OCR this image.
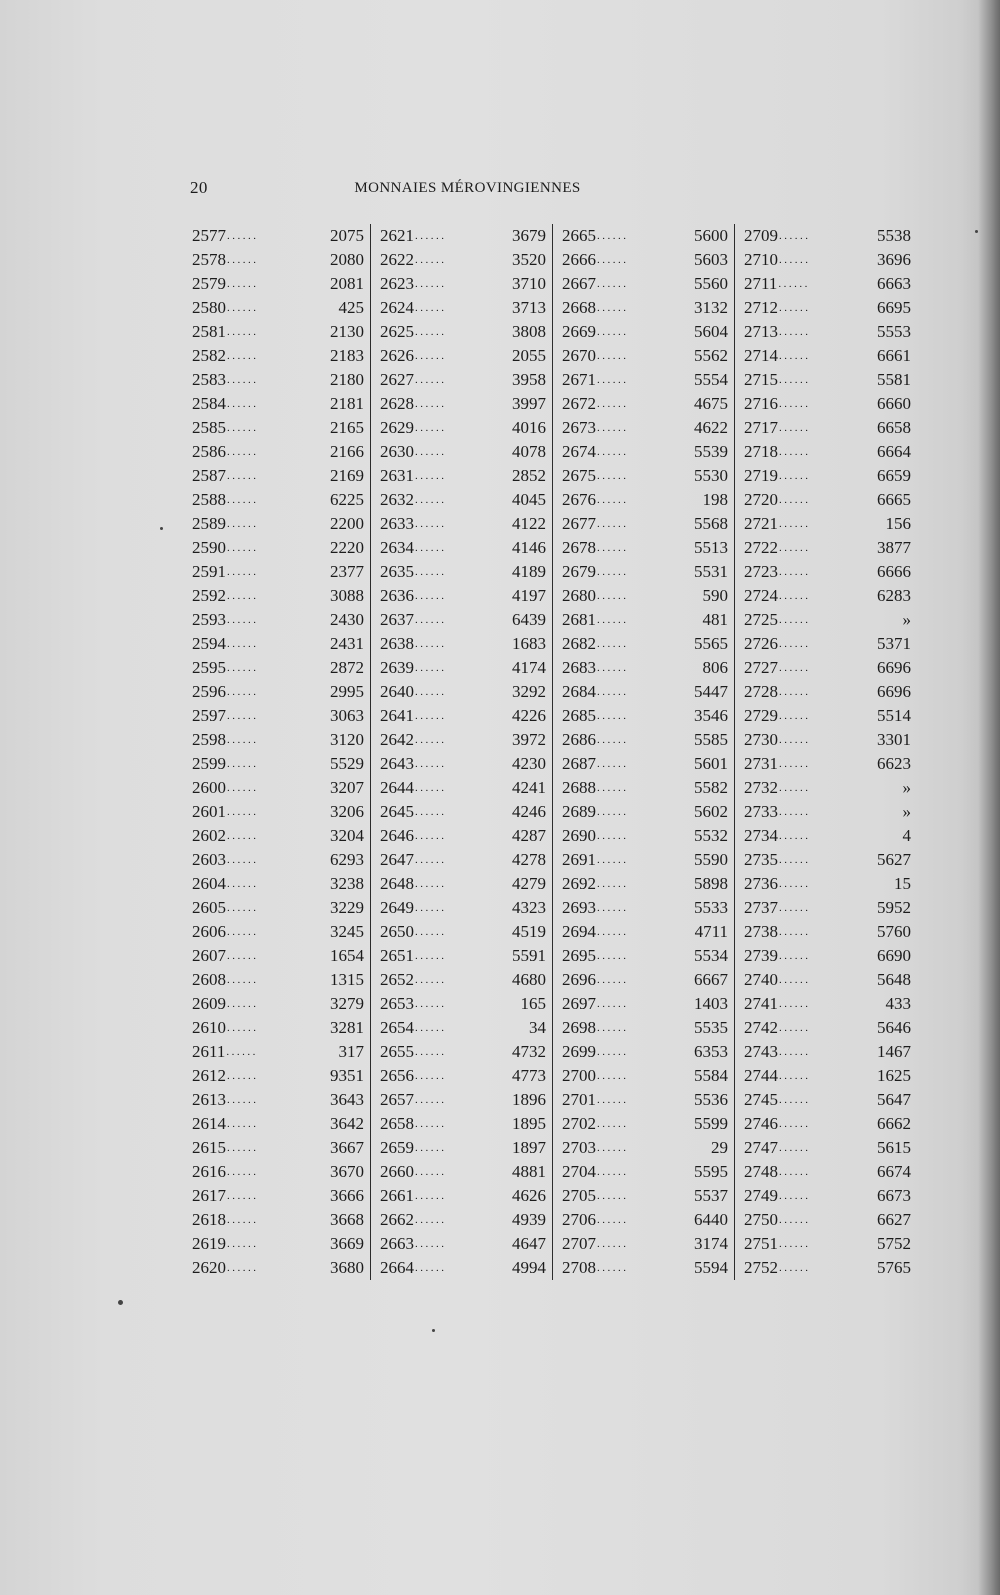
20	MONNAIES MÉROVINGIENNES
2577 ......	2075
2578 ......	2080
2579 ......	2081
2580 ......	425
2581 ......	2130
2582 ......	2183
2583 ......	2180
2584 ......	2181
2585 ......	2165
2586 ......	2166
2587 ......	2169
2588 ......	6225
2589 ......	2200
2590 ......	2220
2591 ......	2377
2592 ......	3088
2593 ......	2430
2594 ......	2431
2595 ......	2872
2596 ......	2995
2597 ......	3063
2598 ......	3120
2599 ......	5529
2600 ......	3207
2601 ......	3206
2602 ......	3204
2603 ......	6293
2604 ......	3238
2605 ......	3229
2606 ......	3245
2607 ......	1654
2608 ......	1315
2609 ......	3279
2610 ......	3281
2611 ......	317
2612 ......	9351
2613 ......	3643
2614 ......	3642
2615 ......	3667
2616 ......	3670
2617 ......	3666
2618 ......	3668
2619 ......	3669
2620 ......	3680
2621 ......	3679
2622 ......	3520
2623 ......	3710
2624 ......	3713
2625 ......	3808
2626 ......	2055
2627 ......	3958
2628 ......	3997
2629 ......	4016
2630 ......	4078
2631 ......	2852
2632 ......	4045
2633 ......	4122
2634 ......	4146
2635 ......	4189
2636 ......	4197
2637 ......	6439
2638 ......	1683
2639 ......	4174
2640 ......	3292
2641 ......	4226
2642 ......	3972
2643 ......	4230
2644 ......	4241
2645 ......	4246
2646 ......	4287
2647 ......	4278
2648 ......	4279
2649 ......	4323
2650 ......	4519
2651 ......	5591
2652 ......	4680
2653 ......	165
2654 ......	34
2655 ......	4732
2656 ......	4773
2657 ......	1896
2658 ......	1895
2659 ......	1897
2660 ......	4881
2661 ......	4626
2662 ......	4939
2663 ......	4647
2664 ......	4994
2665 ......	5600
2666 ......	5603
2667 ......	5560
2668 ......	3132
2669 ......	5604
2670 ......	5562
2671 ......	5554
2672 ......	4675
2673 ......	4622
2674 ......	5539
2675 ......	5530
2676 ......	198
2677 ......	5568
2678 ......	5513
2679 ......	5531
2680 ......	590
2681 ......	481
2682 ......	5565
2683 ......	806
2684 ......	5447
2685 ......	3546
2686 ......	5585
2687 ......	5601
2688 ......	5582
2689 ......	5602
2690 ......	5532
2691 ......	5590
2692 ......	5898
2693 ......	5533
2694 ......	4711
2695 ......	5534
2696 ......	6667
2697 ......	1403
2698 ......	5535
2699 ......	6353
2700 ......	5584
2701 ......	5536
2702 ......	5599
2703 ......	29
2704 ......	5595
2705 ......	5537
2706 ......	6440
2707 ......	3174
2708 ......	5594
2709 ......	5538
2710 ......	3696
2711 ......	6663
2712 ......	6695
2713 ......	5553
2714 ......	6661
2715 ......	5581
2716 ......	6660
2717 ......	6658
2718 ......	6664
2719 ......	6659
2720 ......	6665
2721 ......	156
2722 ......	3877
2723 ......	6666
2724 ......	6283
2725 ......	»
2726 ......	5371
2727 ......	6696
2728 ......	6696
2729 ......	5514
2730 ......	3301
2731 ......	6623
2732 ......	»
2733 ......	»
2734 ......	4
2735 ......	5627
2736 ......	15
2737 ......	5952
2738 ......	5760
2739 ......	6690
2740 ......	5648
2741 ......	433
2742 ......	5646
2743 ......	1467
2744 ......	1625
2745 ......	5647
2746 ......	6662
2747 ......	5615
2748 ......	6674
2749 ......	6673
2750 ......	6627
2751 ......	5752
2752 ......	5765
